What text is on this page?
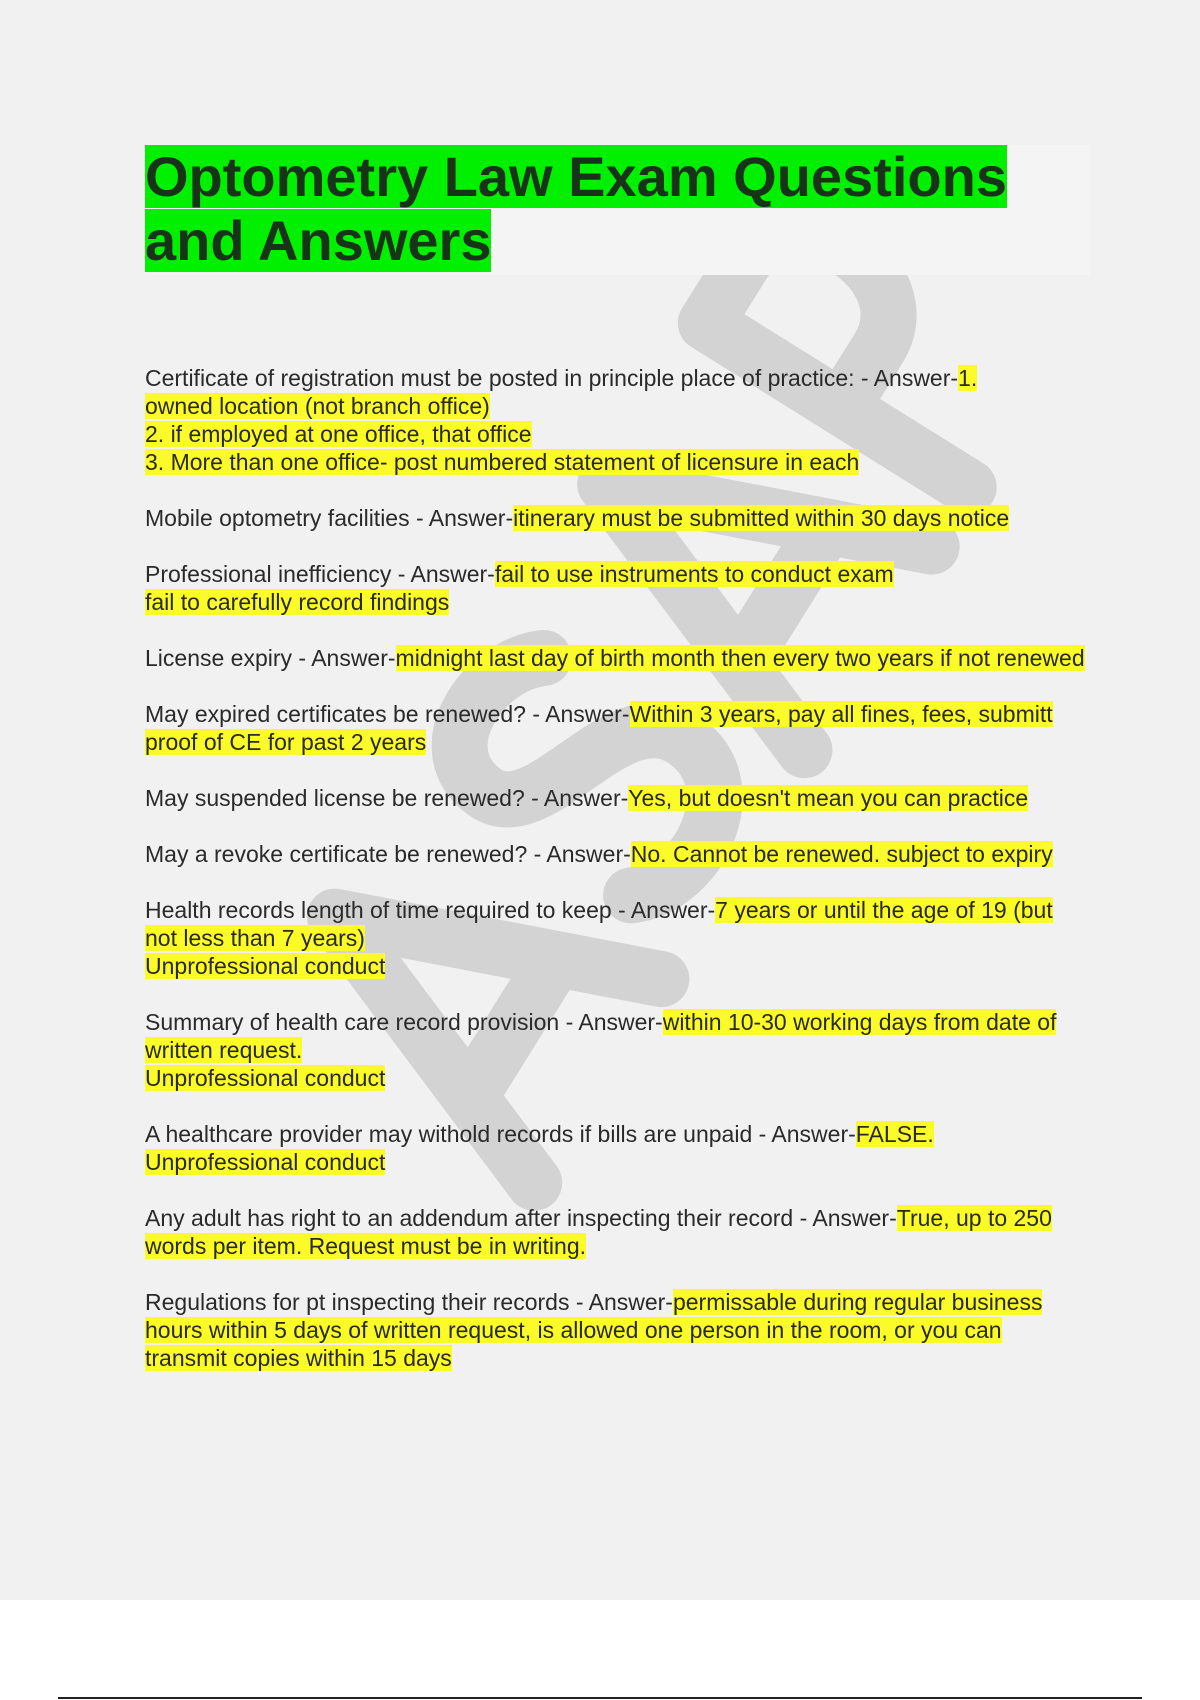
Optometry Law Exam Questions
and Answers

Certificate of registration must be posted in principle place of practice: - Answer-1.
owned location (not branch office)
2. if employed at one office, that office
3. More than one office- post numbered statement of licensure in each

Mobile optometry facilities - Answer-itinerary must be submitted within 30 days notice

Professional inefficiency - Answer-fail to use instruments to conduct exam
fail to carefully record findings

License expiry - Answer-midnight last day of birth month then every two years if not renewed

May expired certificates be renewed? - Answer-Within 3 years, pay all fines, fees, submitt proof of CE for past 2 years

May suspended license be renewed? - Answer-Yes, but doesn't mean you can practice

May a revoke certificate be renewed? - Answer-No. Cannot be renewed. subject to expiry

Health records length of time required to keep - Answer-7 years or until the age of 19 (but not less than 7 years)
Unprofessional conduct

Summary of health care record provision - Answer-within 10-30 working days from date of written request.
Unprofessional conduct

A healthcare provider may withold records if bills are unpaid - Answer-FALSE.
Unprofessional conduct

Any adult has right to an addendum after inspecting their record - Answer-True, up to 250 words per item. Request must be in writing.

Regulations for pt inspecting their records - Answer-permissable during regular business hours within 5 days of written request, is allowed one person in the room, or you can transmit copies within 15 days
